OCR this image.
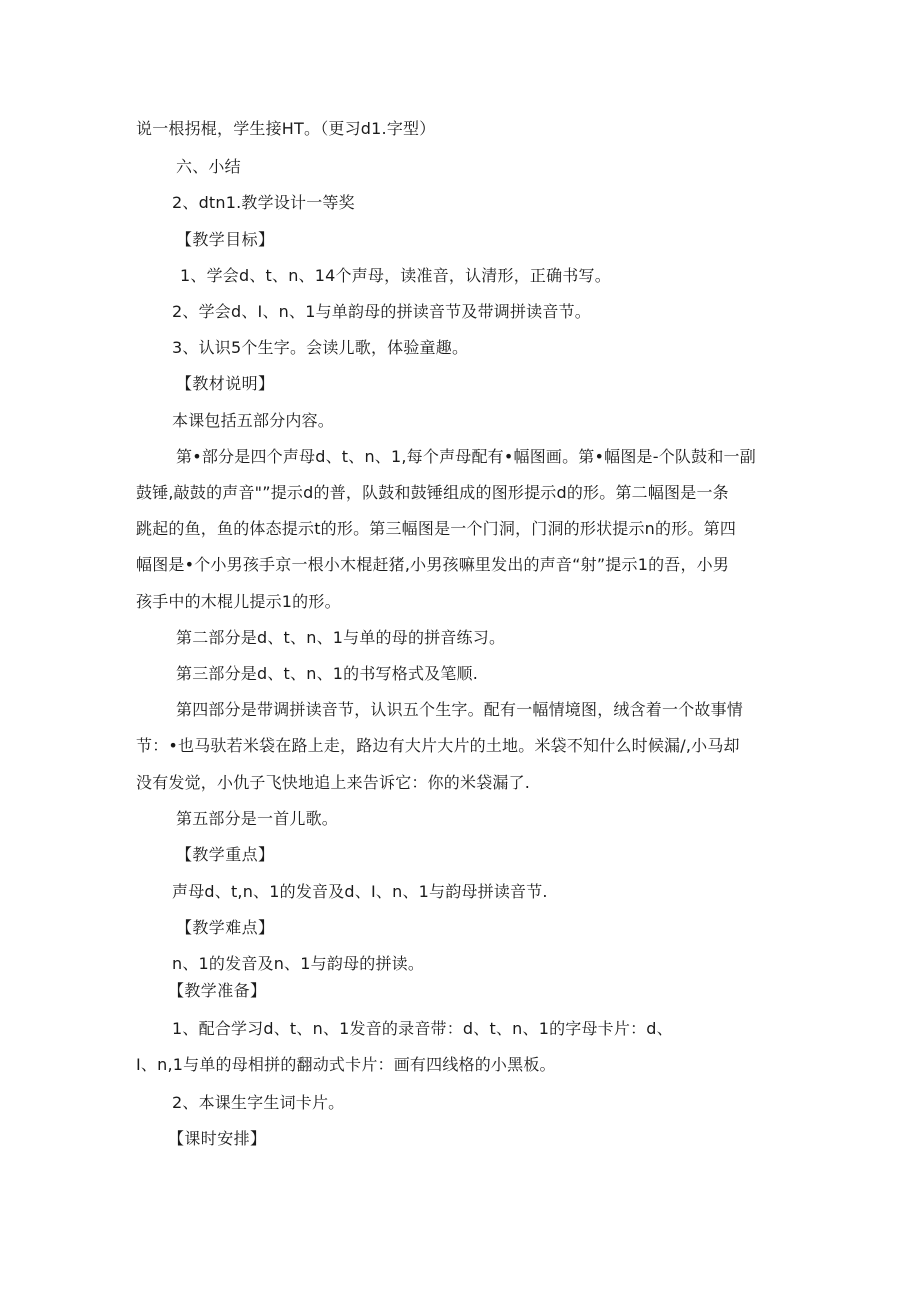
说一根拐棍，学生接HT。（更习d1.字型）
六、小结
2、dtn1.教学设计一等奖
【教学目标】
1、学会d、t、n、14个声母，读准音，认清形，正确书写。
2、学会d、I、n、1与单韵母的拼读音节及带调拼读音节。
3、认识5个生字。会读儿歌，体验童趣。
【教材说明】
本课包括五部分内容。
第•部分是四个声母d、t、n、1,每个声母配有•幅图画。第•幅图是-个队鼓和一副
鼓锤,敲鼓的声音"”提示d的普，队鼓和鼓锤组成的图形提示d的形。第二幅图是一条
跳起的鱼，鱼的体态提示t的形。第三幅图是一个门洞，门洞的形状提示n的形。第四
幅图是•个小男孩手京一根小木棍赶猪,小男孩嘛里发出的声音“射”提示1的吾，小男
孩手中的木棍儿提示1的形。
第二部分是d、t、n、1与单的母的拼音练习。
第三部分是d、t、n、1的书写格式及笔顺.
第四部分是带调拼读音节，认识五个生字。配有一幅情境图，绒含着一个故事情
节：•也马驮若米袋在路上走，路边有大片大片的土地。米袋不知什么时候漏/,小马却
没有发觉，小仇子飞快地追上来告诉它：你的米袋漏了.
第五部分是一首儿歌。
【教学重点】
声母d、t,n、1的发音及d、I、n、1与韵母拼读音节.
【教学难点】
n、1的发音及n、1与韵母的拼读。
【教学准备】
1、配合学习d、t、n、1发音的录音带：d、t、n、1的字母卡片：d、
I、n,1与单的母相拼的翻动式卡片：画有四线格的小黑板。
2、本课生字生词卡片。
【课时安排】
